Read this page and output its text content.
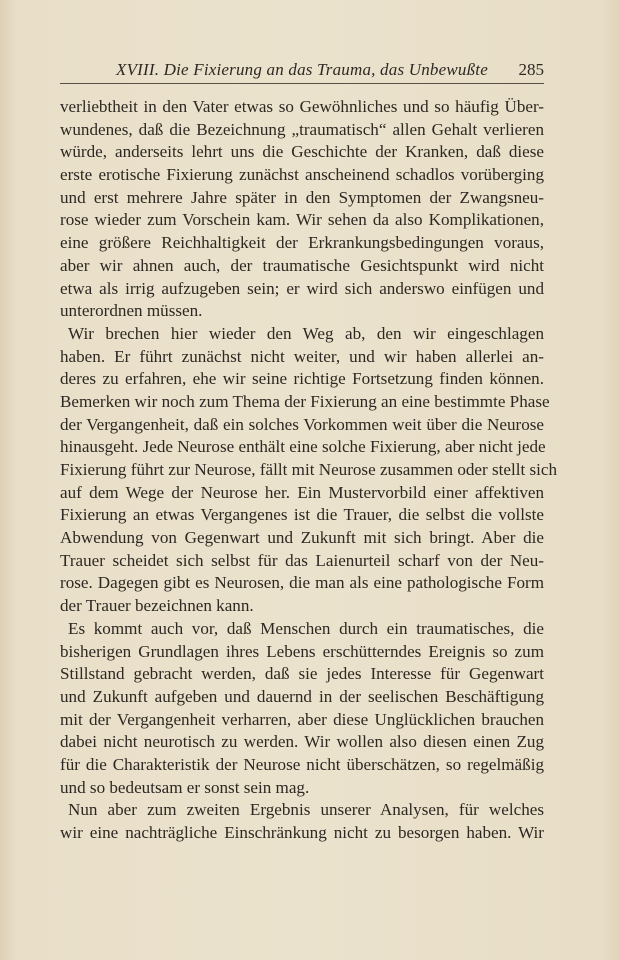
XVIII. Die Fixierung an das Trauma, das Unbewußte 285
verliebtheit in den Vater etwas so Gewöhnliches und so häufig Über-
wundenes, daß die Bezeichnung „traumatisch“ allen Gehalt verlieren
würde, anderseits lehrt uns die Geschichte der Kranken, daß diese
erste erotische Fixierung zunächst anscheinend schadlos vorüberging
und erst mehrere Jahre später in den Symptomen der Zwangsneu-
rose wieder zum Vorschein kam. Wir sehen da also Komplikationen,
eine größere Reichhaltigkeit der Erkrankungsbedingungen voraus,
aber wir ahnen auch, der traumatische Gesichtspunkt wird nicht
etwa als irrig aufzugeben sein; er wird sich anderswo einfügen und
unterordnen müssen.
Wir brechen hier wieder den Weg ab, den wir eingeschlagen
haben. Er führt zunächst nicht weiter, und wir haben allerlei an-
deres zu erfahren, ehe wir seine richtige Fortsetzung finden können.
Bemerken wir noch zum Thema der Fixierung an eine bestimmte Phase
der Vergangenheit, daß ein solches Vorkommen weit über die Neurose
hinausgeht. Jede Neurose enthält eine solche Fixierung, aber nicht jede
Fixierung führt zur Neurose, fällt mit Neurose zusammen oder stellt sich
auf dem Wege der Neurose her. Ein Mustervorbild einer affektiven
Fixierung an etwas Vergangenes ist die Trauer, die selbst die vollste
Abwendung von Gegenwart und Zukunft mit sich bringt. Aber die
Trauer scheidet sich selbst für das Laienurteil scharf von der Neu-
rose. Dagegen gibt es Neurosen, die man als eine pathologische Form
der Trauer bezeichnen kann.
Es kommt auch vor, daß Menschen durch ein traumatisches, die
bisherigen Grundlagen ihres Lebens erschütterndes Ereignis so zum
Stillstand gebracht werden, daß sie jedes Interesse für Gegenwart
und Zukunft aufgeben und dauernd in der seelischen Beschäftigung
mit der Vergangenheit verharren, aber diese Unglücklichen brauchen
dabei nicht neurotisch zu werden. Wir wollen also diesen einen Zug
für die Charakteristik der Neurose nicht überschätzen, so regelmäßig
und so bedeutsam er sonst sein mag.
Nun aber zum zweiten Ergebnis unserer Analysen, für welches
wir eine nachträgliche Einschränkung nicht zu besorgen haben. Wir
